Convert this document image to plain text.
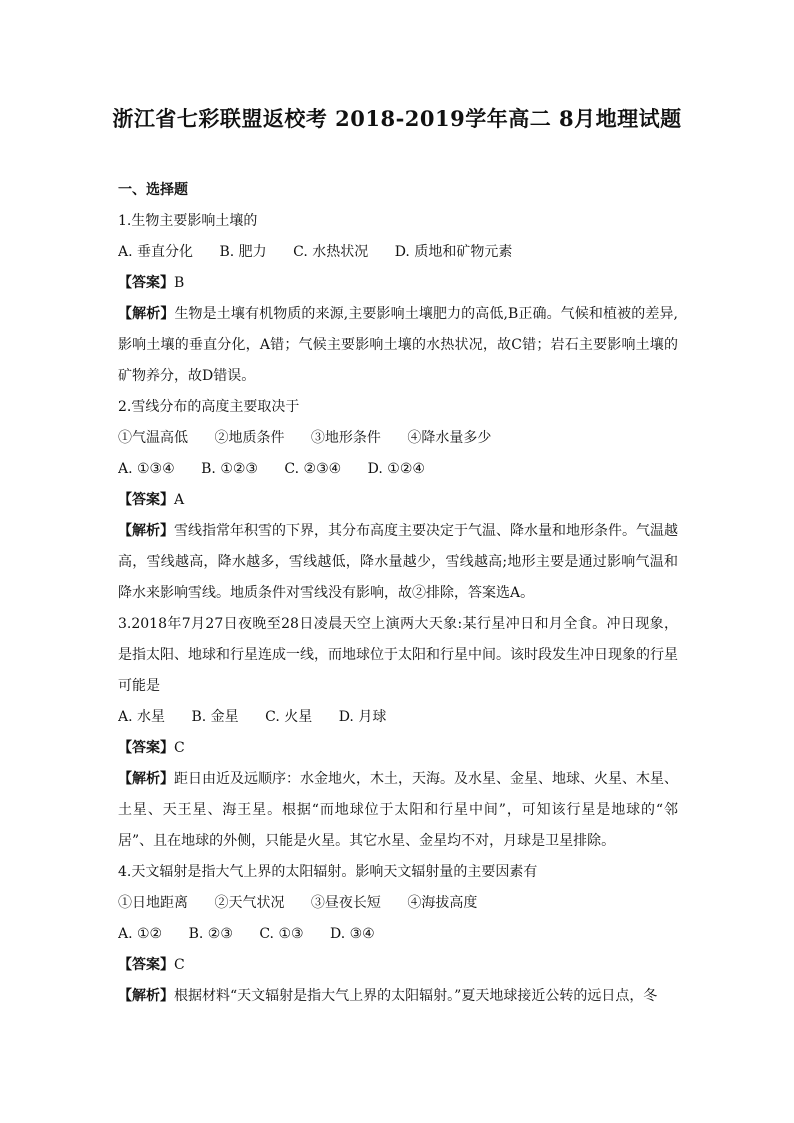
浙江省七彩联盟返校考 2018-2019学年高二 8月地理试题
一、选择题
1.生物主要影响土壤的
A. 垂直分化 B. 肥力 C. 水热状况 D. 质地和矿物元素
【答案】B
【解析】生物是土壤有机物质的来源,主要影响土壤肥力的高低,B正确。气候和植被的差异,影响土壤的垂直分化，A错；气候主要影响土壤的水热状况，故C错；岩石主要影响土壤的矿物养分，故D错误。
2.雪线分布的高度主要取决于
①气温高低 ②地质条件 ③地形条件 ④降水量多少
A. ①③④ B. ①②③ C. ②③④ D. ①②④
【答案】A
【解析】雪线指常年积雪的下界，其分布高度主要决定于气温、降水量和地形条件。气温越高，雪线越高，降水越多，雪线越低，降水量越少，雪线越高;地形主要是通过影响气温和降水来影响雪线。地质条件对雪线没有影响，故②排除，答案选A。
3.2018年7月27日夜晚至28日凌晨天空上演两大天象:某行星冲日和月全食。冲日现象，是指太阳、地球和行星连成一线，而地球位于太阳和行星中间。该时段发生冲日现象的行星可能是
A. 水星 B. 金星 C. 火星 D. 月球
【答案】C
【解析】距日由近及远顺序：水金地火，木土，天海。及水星、金星、地球、火星、木星、土星、天王星、海王星。根据“而地球位于太阳和行星中间”，可知该行星是地球的“邻居”、且在地球的外侧，只能是火星。其它水星、金星均不对，月球是卫星排除。
4.天文辐射是指大气上界的太阳辐射。影响天文辐射量的主要因素有
①日地距离 ②天气状况 ③昼夜长短 ④海拔高度
A. ①② B. ②③ C. ①③ D. ③④
【答案】C
【解析】根据材料“天文辐射是指大气上界的太阳辐射。”夏天地球接近公转的远日点，冬
